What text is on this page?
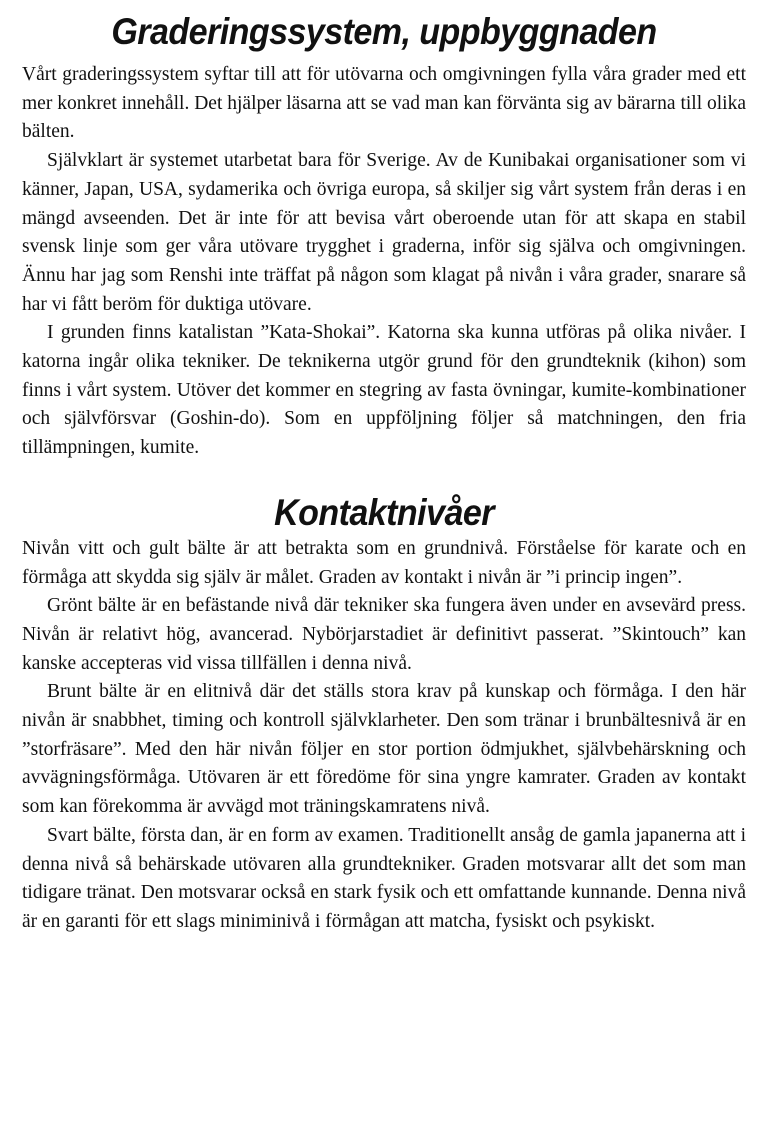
Graderingssystem, uppbyggnaden

Vårt graderingssystem syftar till att för utövarna och omgivningen fylla våra grader med ett mer konkret innehåll. Det hjälper läsarna att se vad man kan förvänta sig av bärarna till olika bälten.

Självklart är systemet utarbetat bara för Sverige. Av de Kunibakai organisationer som vi känner, Japan, USA, sydamerika och övriga europa, så skiljer sig vårt system från deras i en mängd avseenden. Det är inte för att bevisa vårt oberoende utan för att skapa en stabil svensk linje som ger våra utövare trygghet i graderna, inför sig själva och omgivningen. Ännu har jag som Renshi inte träffat på någon som klagat på nivån i våra grader, snarare så har vi fått beröm för duktiga utövare.

I grunden finns katalistan ”Kata-Shokai”. Katorna ska kunna utföras på olika nivåer. I katorna ingår olika tekniker. De teknikerna utgör grund för den grundteknik (kihon) som finns i vårt system. Utöver det kommer en stegring av fasta övningar, kumite-kombinationer och självförsvar (Goshin-do). Som en uppföljning följer så matchningen, den fria tillämpningen, kumite.

Kontaktnivåer

Nivån vitt och gult bälte är att betrakta som en grundnivå. Förståelse för karate och en förmåga att skydda sig själv är målet. Graden av kontakt i nivån är ”i princip ingen”.

Grönt bälte är en befästande nivå där tekniker ska fungera även under en avsevärd press. Nivån är relativt hög, avancerad. Nybörjarstadiet är definitivt passerat. ”Skintouch” kan kanske accepteras vid vissa tillfällen i denna nivå.

Brunt bälte är en elitnivå där det ställs stora krav på kunskap och förmåga. I den här nivån är snabbhet, timing och kontroll självklarheter. Den som tränar i brunbältesnivå är en ”storfräsare”. Med den här nivån följer en stor portion ödmjukhet, självbehärskning och avvägningsförmåga. Utövaren är ett föredöme för sina yngre kamrater. Graden av kontakt som kan förekomma är avvägd mot träningskamratens nivå.

Svart bälte, första dan, är en form av examen. Traditionellt ansåg de gamla japanerna att i denna nivå så behärskade utövaren alla grundtekniker. Graden motsvarar allt det som man tidigare tränat. Den motsvarar också en stark fysik och ett omfattande kunnande. Denna nivå är en garanti för ett slags miniminivå i förmågan att matcha, fysiskt och psykiskt.
